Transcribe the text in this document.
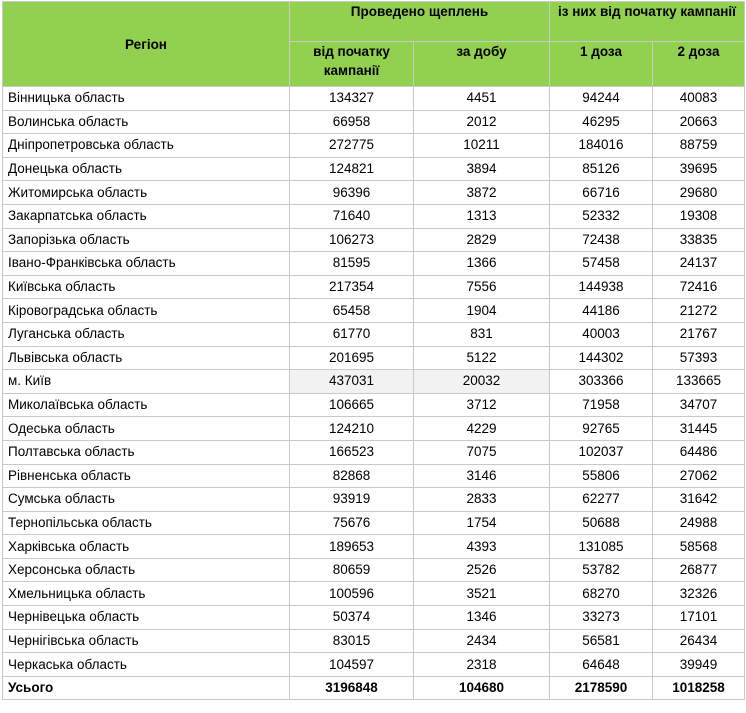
Регіон	Проведено щеплень		із них від початку кампанії	
	від початку кампанії	за добу	1 доза	2 доза
Вінницька область	134327	4451	94244	40083
Волинська область	66958	2012	46295	20663
Дніпропетровська область	272775	10211	184016	88759
Донецька область	124821	3894	85126	39695
Житомирська область	96396	3872	66716	29680
Закарпатська область	71640	1313	52332	19308
Запорізька область	106273	2829	72438	33835
Івано-Франківська область	81595	1366	57458	24137
Київська область	217354	7556	144938	72416
Кіровоградська область	65458	1904	44186	21272
Луганська область	61770	831	40003	21767
Львівська область	201695	5122	144302	57393
м. Київ	437031	20032	303366	133665
Миколаївська область	106665	3712	71958	34707
Одеська область	124210	4229	92765	31445
Полтавська область	166523	7075	102037	64486
Рівненська область	82868	3146	55806	27062
Сумська область	93919	2833	62277	31642
Тернопільська область	75676	1754	50688	24988
Харківська область	189653	4393	131085	58568
Херсонська область	80659	2526	53782	26877
Хмельницька область	100596	3521	68270	32326
Чернівецька область	50374	1346	33273	17101
Чернігівська область	83015	2434	56581	26434
Черкаська область	104597	2318	64648	39949
Усього	3196848	104680	2178590	1018258
